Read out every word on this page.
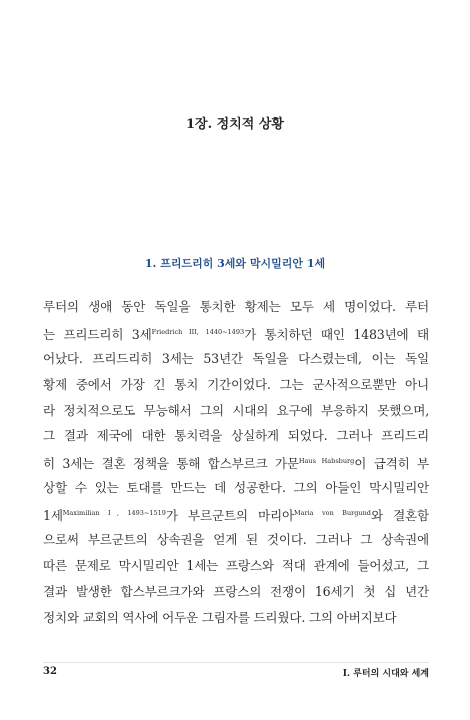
1장. 정치적 상황
1. 프리드리히 3세와 막시밀리안 1세
루터의 생애 동안 독일을 통치한 황제는 모두 세 명이었다. 루터
는 프리드리히 3세$^{Friedrich III, 1440\sim 1493}$가 통치하던 때인 1483년에 태
어났다. 프리드리히 3세는 53년간 독일을 다스렸는데, 이는 독일
황제 중에서 가장 긴 통치 기간이었다. 그는 군사적으로뿐만 아니
라 정치적으로도 무능해서 그의 시대의 요구에 부응하지 못했으며,
그 결과 제국에 대한 통치력을 상실하게 되었다. 그러나 프리드리
히 3세는 결혼 정책을 통해 합스부르크 가문$^{Haus Habsburg}$이 급격히 부
상할 수 있는 토대를 만드는 데 성공한다. 그의 아들인 막시밀리안
1세$^{Maximilian Ⅰ, 1493\sim 1519}$가 부르군트의 마리아$^{Maria von Burgund}$와 결혼함
으로써 부르군트의 상속권을 얻게 된 것이다. 그러나 그 상속권에
따른 문제로 막시밀리안 1세는 프랑스와 적대 관계에 들어섰고, 그
결과 발생한 합스부르크가와 프랑스의 전쟁이 16세기 첫 십 년간
정치와 교회의 역사에 어두운 그림자를 드리웠다. 그의 아버지보다
32	Ⅰ. 루터의 시대와 세계
